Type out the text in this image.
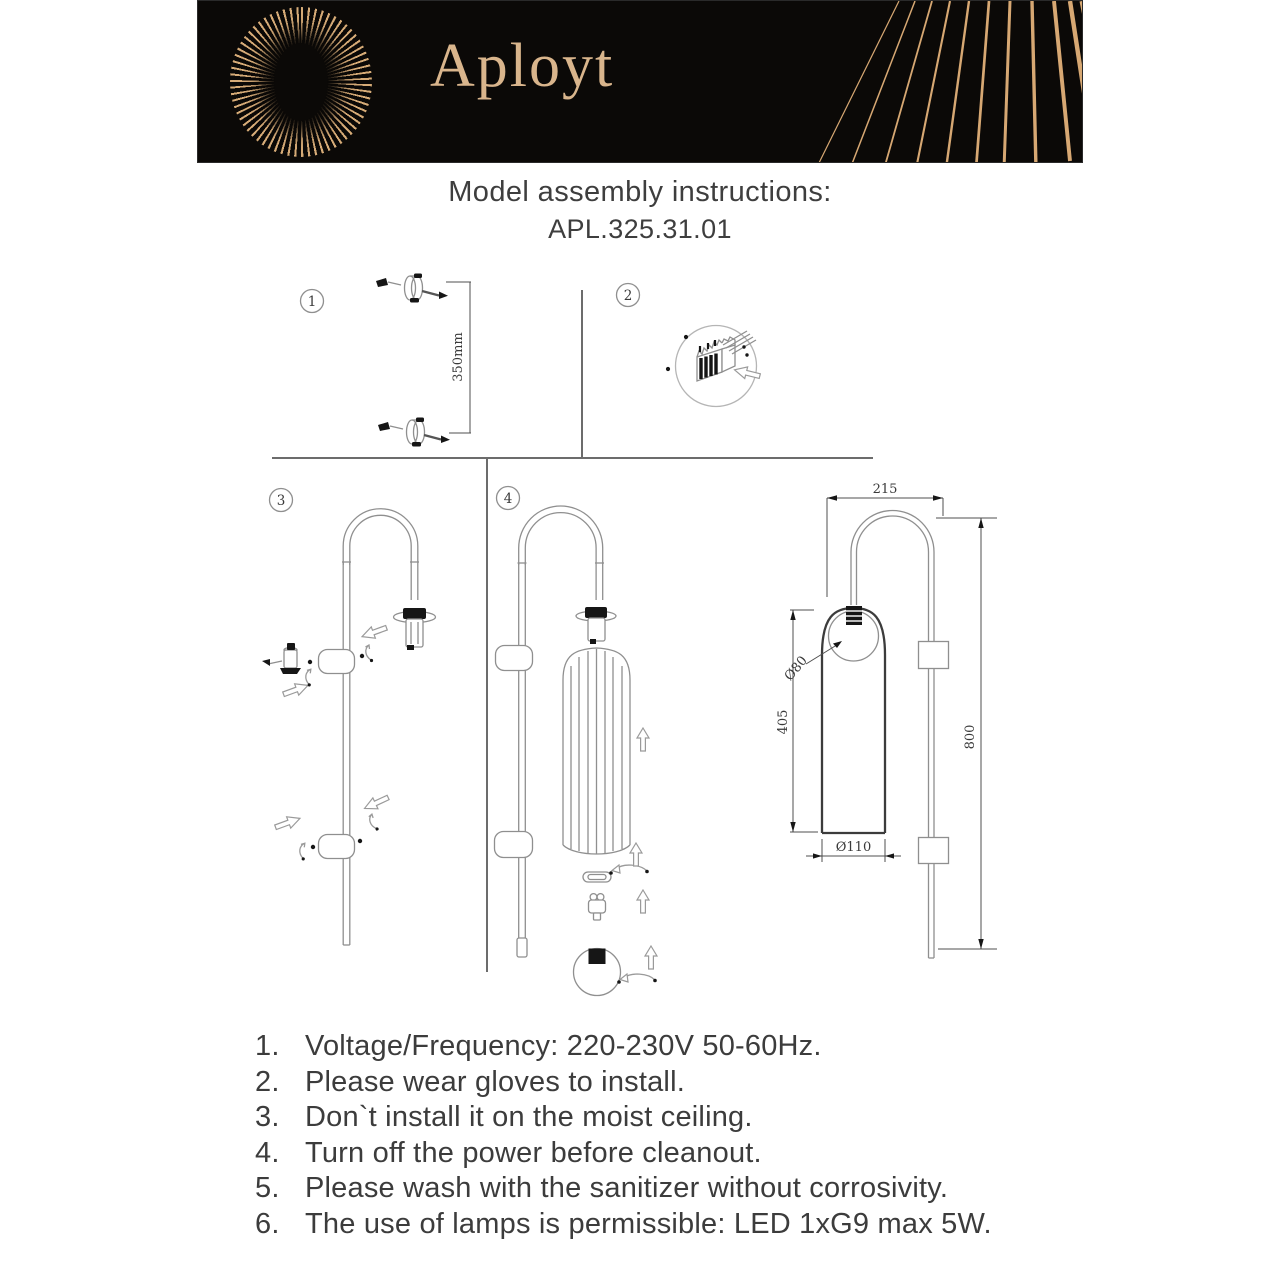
Aployt
Model assembly instructions:
APL.325.31.01
1
350mm
2
3	4
215
800
405
Ø80
Ø110
1. Voltage/Frequency: 220-230V 50-60Hz.
2. Please wear gloves to install.
3. Don`t install it on the moist ceiling.
4. Turn off the power before cleanout.
5. Please wash with the sanitizer without corrosivity.
6. The use of lamps is permissible: LED 1xG9 max 5W.
